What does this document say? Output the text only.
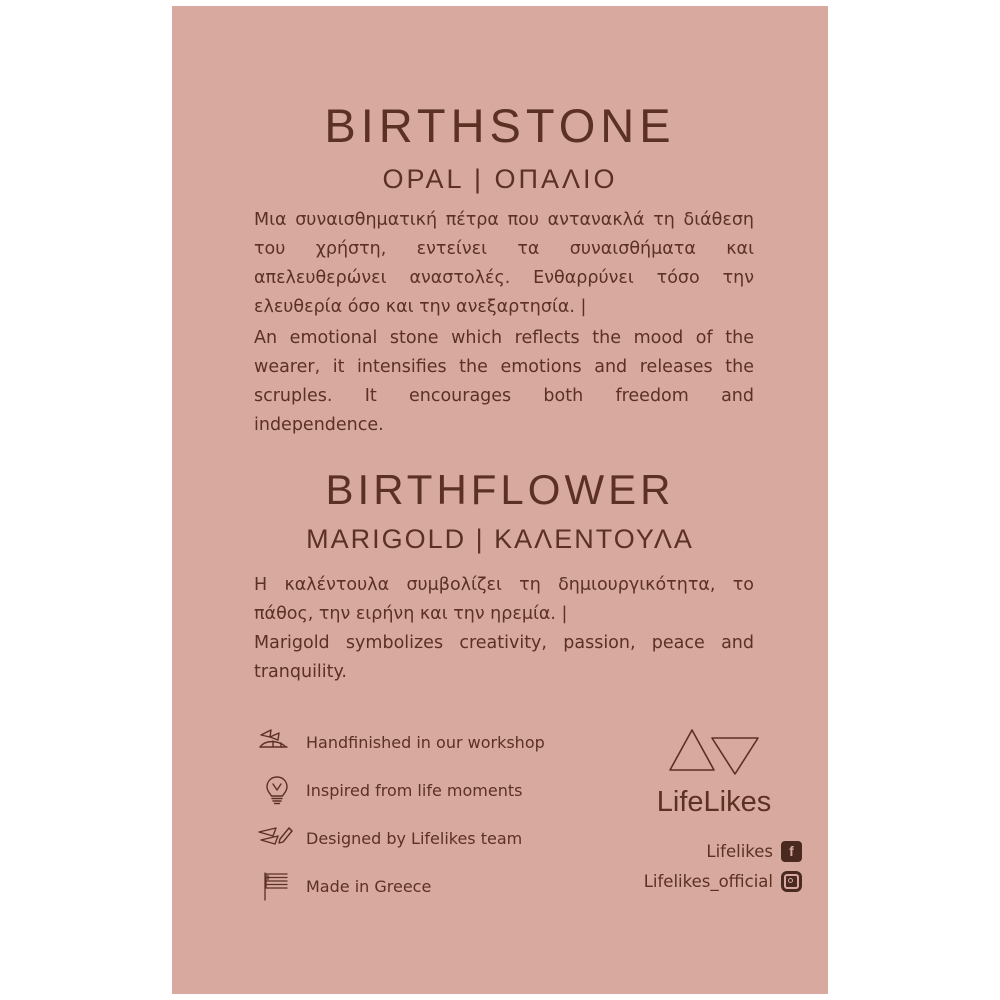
BIRTHSTONE
OPAL | ΟΠΑΛΙΟ
Μια συναισθηματική πέτρα που αντανακλά τη διάθεση του χρήστη, εντείνει τα συναισθήματα και απελευθερώνει αναστολές. Ενθαρρύνει τόσο την ελευθερία όσο και την ανεξαρτησία. |
An emotional stone which reflects the mood of the wearer, it intensifies the emotions and releases the scruples. It encourages both freedom and independence.
BIRTHFLOWER
MARIGOLD | ΚΑΛΕΝΤΟΥΛΑ
Η καλέντουλα συμβολίζει τη δημιουργικότητα, το πάθος, την ειρήνη και την ηρεμία. |
Marigold symbolizes creativity, passion, peace and tranquility.
Handfinished in our workshop
Inspired from life moments
Designed by Lifelikes team
Made in Greece
LifeLikes
Lifelikes f
Lifelikes_official
